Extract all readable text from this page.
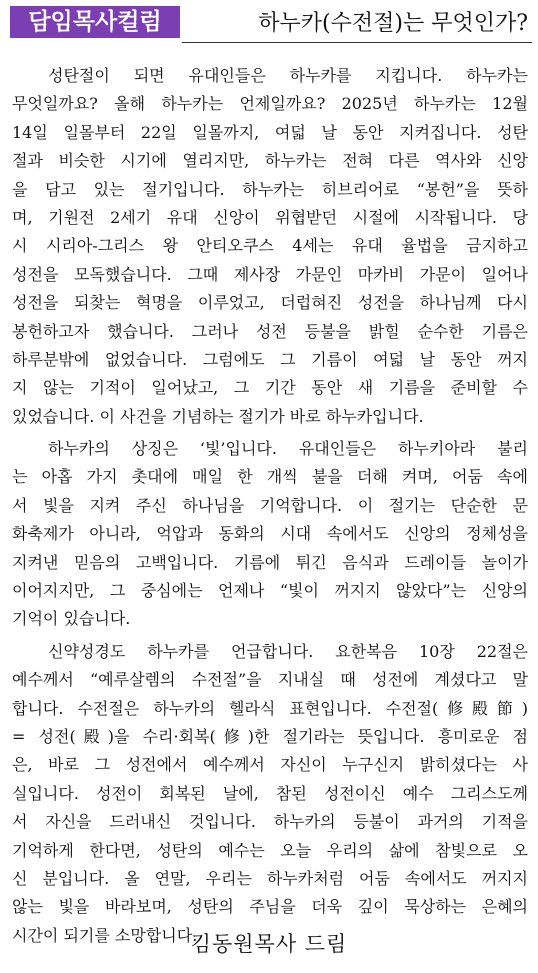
담임목사컬럼	하누카(수전절)는 무엇인가?
성탄절이 되면 유대인들은 하누카를 지킵니다. 하누카는
무엇일까요? 올해 하누카는 언제일까요? 2025년 하누카는 12월
14일 일몰부터 22일 일몰까지, 여덟 날 동안 지켜집니다. 성탄
절과 비슷한 시기에 열리지만, 하누카는 전혀 다른 역사와 신앙
을 담고 있는 절기입니다. 하누카는 히브리어로 “봉헌”을 뜻하
며, 기원전 2세기 유대 신앙이 위협받던 시절에 시작됩니다. 당
시 시리아-그리스 왕 안티오쿠스 4세는 유대 율법을 금지하고
성전을 모독했습니다. 그때 제사장 가문인 마카비 가문이 일어나
성전을 되찾는 혁명을 이루었고, 더럽혀진 성전을 하나님께 다시
봉헌하고자 했습니다. 그러나 성전 등불을 밝힐 순수한 기름은
하루분밖에 없었습니다. 그럼에도 그 기름이 여덟 날 동안 꺼지
지 않는 기적이 일어났고, 그 기간 동안 새 기름을 준비할 수
있었습니다. 이 사건을 기념하는 절기가 바로 하누카입니다.
하누카의 상징은 ‘빛’입니다. 유대인들은 하누키아라 불리
는 아홉 가지 촛대에 매일 한 개씩 불을 더해 켜며, 어둠 속에
서 빛을 지켜 주신 하나님을 기억합니다. 이 절기는 단순한 문
화축제가 아니라, 억압과 동화의 시대 속에서도 신앙의 정체성을
지켜낸 믿음의 고백입니다. 기름에 튀긴 음식과 드레이들 놀이가
이어지지만, 그 중심에는 언제나 “빛이 꺼지지 않았다”는 신앙의
기억이 있습니다.
신약성경도 하누카를 언급합니다. 요한복음 10장 22절은
예수께서 “예루살렘의 수전절”을 지내실 때 성전에 계셨다고 말
합니다. 수전절은 하누카의 헬라식 표현입니다. 수전절(修殿節)
= 성전(殿)을 수리·회복(修)한 절기라는 뜻입니다. 흥미로운 점
은, 바로 그 성전에서 예수께서 자신이 누구신지 밝히셨다는 사
실입니다. 성전이 회복된 날에, 참된 성전이신 예수 그리스도께
서 자신을 드러내신 것입니다. 하누카의 등불이 과거의 기적을
기억하게 한다면, 성탄의 예수는 오늘 우리의 삶에 참빛으로 오
신 분입니다. 올 연말, 우리는 하누카처럼 어둠 속에서도 꺼지지
않는 빛을 바라보며, 성탄의 주님을 더욱 깊이 묵상하는 은혜의
시간이 되기를 소망합니다.
김동원목사 드림
